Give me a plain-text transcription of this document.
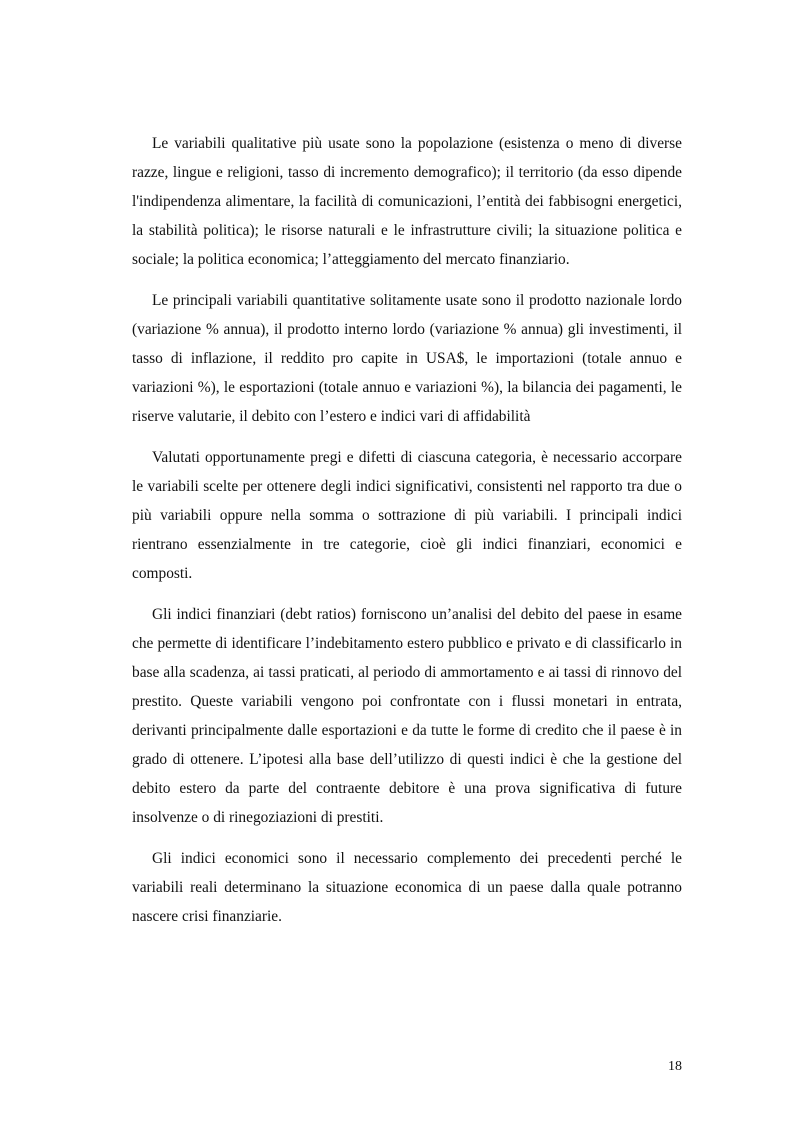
Le variabili qualitative più usate sono la popolazione (esistenza o meno di diverse razze, lingue e religioni, tasso di incremento demografico); il territorio (da esso dipende l'indipendenza alimentare, la facilità di comunicazioni, l’entità dei fabbisogni energetici, la stabilità politica); le risorse naturali e le infrastrutture civili; la situazione politica e sociale; la politica economica; l’atteggiamento del mercato finanziario.

Le principali variabili quantitative solitamente usate sono il prodotto nazionale lordo (variazione % annua), il prodotto interno lordo (variazione % annua) gli investimenti, il tasso di inflazione, il reddito pro capite in USA$, le importazioni (totale annuo e variazioni %), le esportazioni (totale annuo e variazioni %), la bilancia dei pagamenti, le riserve valutarie, il debito con l’estero e indici vari di affidabilità

Valutati opportunamente pregi e difetti di ciascuna categoria, è necessario accorpare le variabili scelte per ottenere degli indici significativi, consistenti nel rapporto tra due o più variabili oppure nella somma o sottrazione di più variabili. I principali indici rientrano essenzialmente in tre categorie, cioè gli indici finanziari, economici e composti.

Gli indici finanziari (debt ratios) forniscono un’analisi del debito del paese in esame che permette di identificare l’indebitamento estero pubblico e privato e di classificarlo in base alla scadenza, ai tassi praticati, al periodo di ammortamento e ai tassi di rinnovo del prestito. Queste variabili vengono poi confrontate con i flussi monetari in entrata, derivanti principalmente dalle esportazioni e da tutte le forme di credito che il paese è in grado di ottenere. L’ipotesi alla base dell’utilizzo di questi indici è che la gestione del debito estero da parte del contraente debitore è una prova significativa di future insolvenze o di rinegoziazioni di prestiti.

Gli indici economici sono il necessario complemento dei precedenti perché le variabili reali determinano la situazione economica di un paese dalla quale potranno nascere crisi finanziarie.

18
